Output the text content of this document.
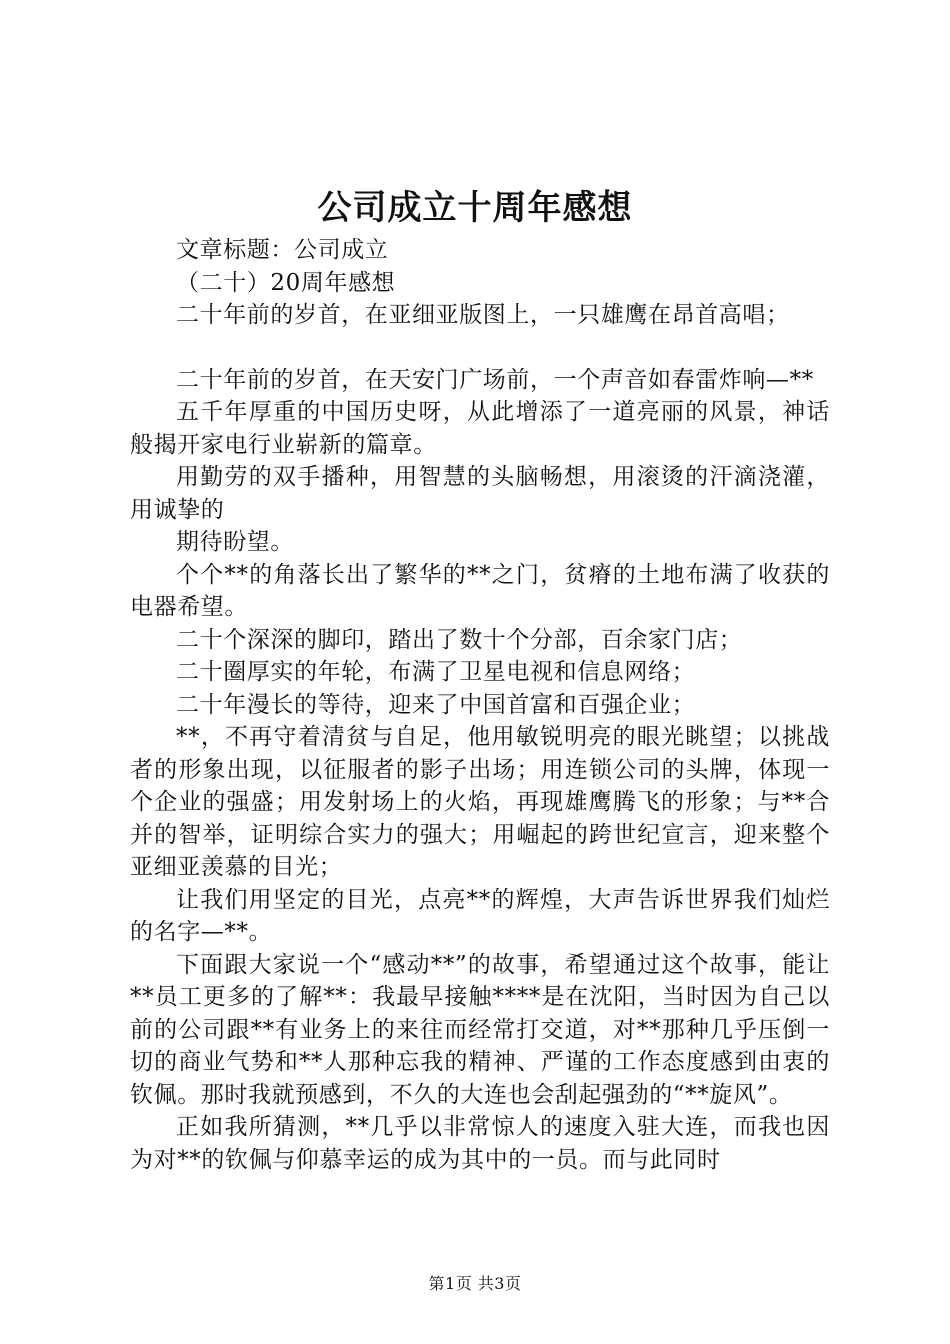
公司成立十周年感想

文章标题：公司成立

（二十）20周年感想

二十年前的岁首，在亚细亚版图上，一只雄鹰在昂首高唱；

二十年前的岁首，在天安门广场前，一个声音如春雷炸响—**

五千年厚重的中国历史呀，从此增添了一道亮丽的风景，神话般揭开家电行业崭新的篇章。

用勤劳的双手播种，用智慧的头脑畅想，用滚烫的汗滴浇灌，用诚挚的

期待盼望。

个个**的角落长出了繁华的**之门，贫瘠的土地布满了收获的电器希望。

二十个深深的脚印，踏出了数十个分部，百余家门店；

二十圈厚实的年轮，布满了卫星电视和信息网络；

二十年漫长的等待，迎来了中国首富和百强企业；

**，不再守着清贫与自足，他用敏锐明亮的眼光眺望；以挑战者的形象出现，以征服者的影子出场；用连锁公司的头牌，体现一个企业的强盛；用发射场上的火焰，再现雄鹰腾飞的形象；与**合并的智举，证明综合实力的强大；用崛起的跨世纪宣言，迎来整个亚细亚羡慕的目光；

让我们用坚定的目光，点亮**的辉煌，大声告诉世界我们灿烂的名字—**。

下面跟大家说一个“感动**”的故事，希望通过这个故事，能让**员工更多的了解**：我最早接触****是在沈阳，当时因为自己以前的公司跟**有业务上的来往而经常打交道，对**那种几乎压倒一切的商业气势和**人那种忘我的精神、严谨的工作态度感到由衷的钦佩。那时我就预感到，不久的大连也会刮起强劲的“**旋风”。

正如我所猜测，**几乎以非常惊人的速度入驻大连，而我也因为对**的钦佩与仰慕幸运的成为其中的一员。而与此同时

第1页 共3页
